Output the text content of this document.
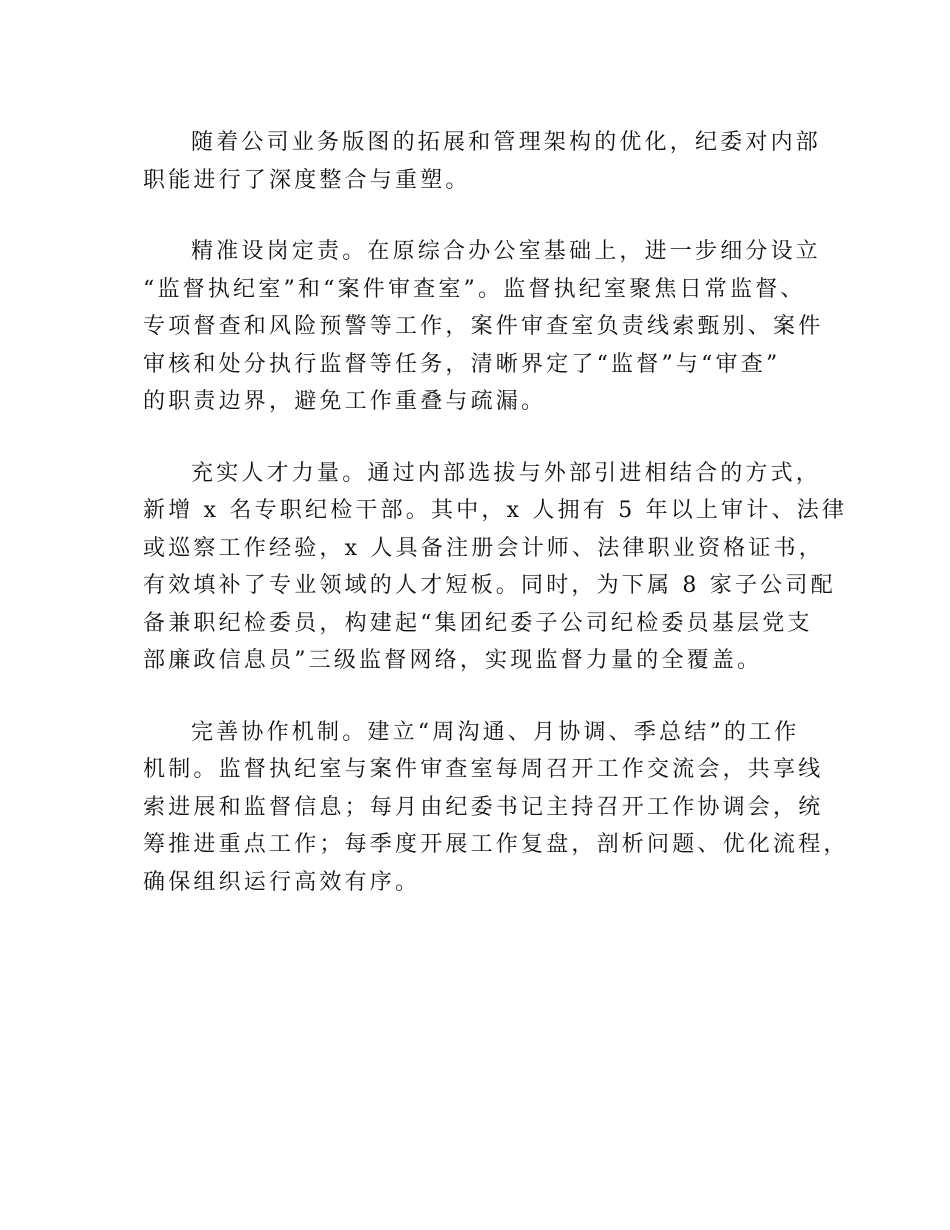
随着公司业务版图的拓展和管理架构的优化，纪委对内部
职能进行了深度整合与重塑。

精准设岗定责。在原综合办公室基础上，进一步细分设立
“监督执纪室”和“案件审查室”。监督执纪室聚焦日常监督、
专项督查和风险预警等工作，案件审查室负责线索甄别、案件
审核和处分执行监督等任务，清晰界定了“监督”与“审查”
的职责边界，避免工作重叠与疏漏。

充实人才力量。通过内部选拔与外部引进相结合的方式，
新增 x 名专职纪检干部。其中，x 人拥有 5 年以上审计、法律
或巡察工作经验，x 人具备注册会计师、法律职业资格证书，
有效填补了专业领域的人才短板。同时，为下属 8 家子公司配
备兼职纪检委员，构建起“集团纪委子公司纪检委员基层党支
部廉政信息员”三级监督网络，实现监督力量的全覆盖。

完善协作机制。建立“周沟通、月协调、季总结”的工作
机制。监督执纪室与案件审查室每周召开工作交流会，共享线
索进展和监督信息；每月由纪委书记主持召开工作协调会，统
筹推进重点工作；每季度开展工作复盘，剖析问题、优化流程，
确保组织运行高效有序。
